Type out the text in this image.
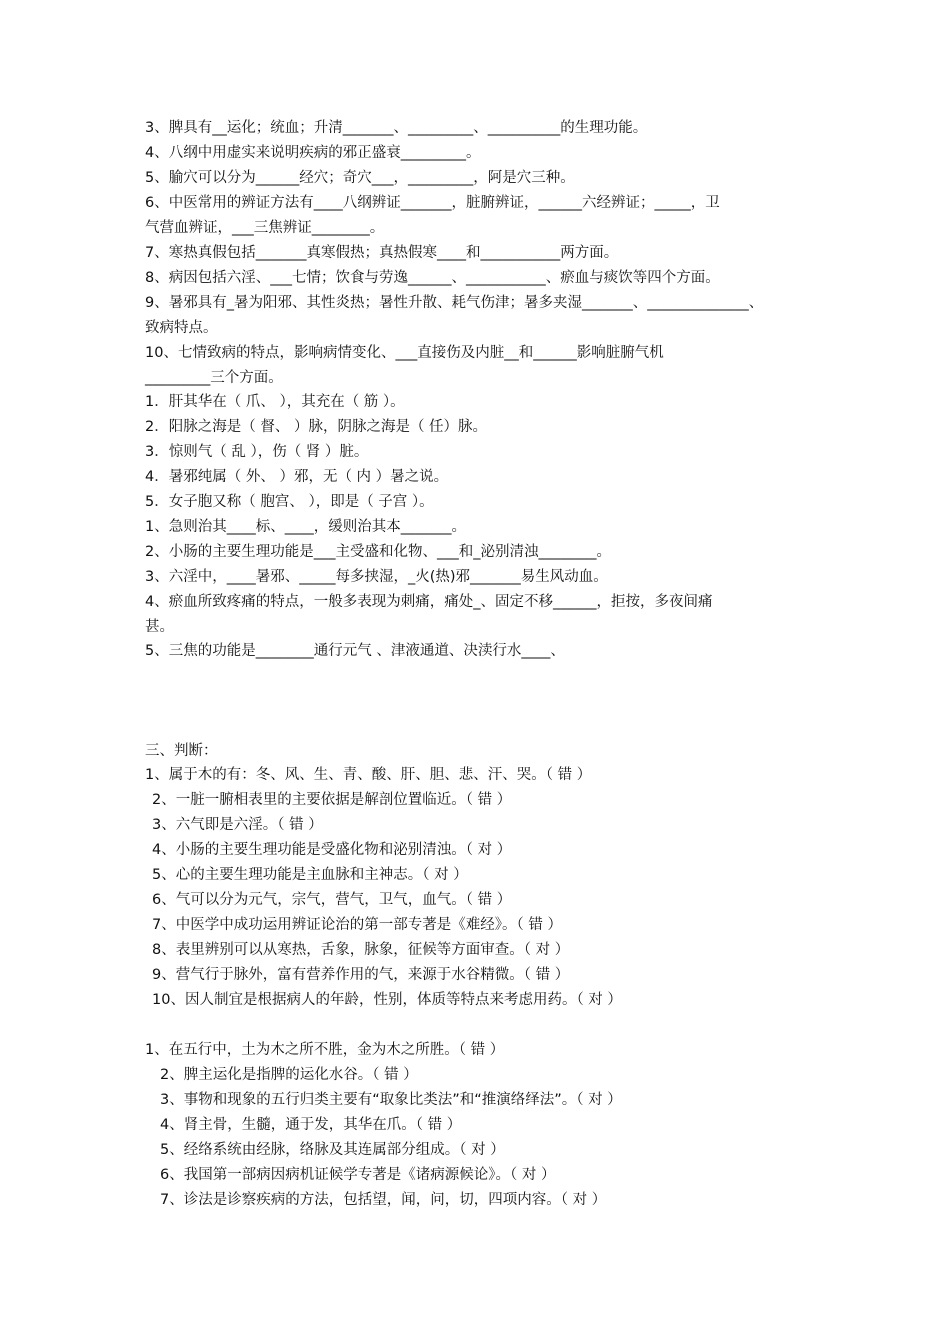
3、脾具有__运化；统血；升清_______、_________、__________的生理功能。
4、八纲中用虚实来说明疾病的邪正盛衰_________。
5、腧穴可以分为______经穴；奇穴___，_________，阿是穴三种。
6、中医常用的辨证方法有____八纲辨证_______，脏腑辨证，______六经辨证；_____，卫
气营血辨证，___三焦辨证________。
7、寒热真假包括_______真寒假热；真热假寒____和___________两方面。
8、病因包括六淫、___七情；饮食与劳逸______、___________、瘀血与痰饮等四个方面。
9、暑邪具有_暑为阳邪、其性炎热；暑性升散、耗气伤津；暑多夹湿_______、______________、
致病特点。
10、七情致病的特点，影响病情变化、___直接伤及内脏__和______影响脏腑气机
_________三个方面。
1．肝其华在（ 爪、 ），其充在（ 筋 ）。
2．阳脉之海是（ 督、 ）脉，阴脉之海是（ 任）脉。
3．惊则气（ 乱 ），伤（ 肾 ）脏。
4．暑邪纯属（ 外、 ）邪，无（ 内 ）暑之说。
5．女子胞又称（ 胞宫、 ），即是（ 子宫 ）。
1、急则治其____标、____，缓则治其本_______。
2、小肠的主要生理功能是___主受盛和化物、___和_泌别清浊________。
3、六淫中，____暑邪、_____每多挟湿，_火(热)邪_______易生风动血。
4、瘀血所致疼痛的特点，一般多表现为刺痛，痛处_、固定不移______，拒按，多夜间痛
甚。
5、三焦的功能是________通行元气 、津液通道、决渎行水____、
三、判断：
1、属于木的有：冬、风、生、青、酸、肝、胆、悲、汗、哭。（ 错 ）
2、一脏一腑相表里的主要依据是解剖位置临近。（ 错 ）
3、六气即是六淫。（ 错 ）
4、小肠的主要生理功能是受盛化物和泌别清浊。（ 对 ）
5、心的主要生理功能是主血脉和主神志。（ 对 ）
6、气可以分为元气，宗气，营气，卫气，血气。（ 错 ）
7、中医学中成功运用辨证论治的第一部专著是《难经》。（ 错 ）
8、表里辨别可以从寒热，舌象，脉象，征候等方面审查。（ 对 ）
9、营气行于脉外，富有营养作用的气，来源于水谷精微。（ 错 ）
10、因人制宜是根据病人的年龄，性别，体质等特点来考虑用药。（ 对 ）
1、在五行中，土为木之所不胜，金为木之所胜。（ 错 ）
2、脾主运化是指脾的运化水谷。（ 错 ）
3、事物和现象的五行归类主要有“取象比类法”和“推演络绎法”。（ 对 ）
4、肾主骨，生髓，通于发，其华在爪。（ 错 ）
5、经络系统由经脉，络脉及其连属部分组成。（ 对 ）
6、我国第一部病因病机证候学专著是《诸病源候论》。（ 对 ）
7、诊法是诊察疾病的方法，包括望，闻，问，切，四项内容。（ 对 ）
